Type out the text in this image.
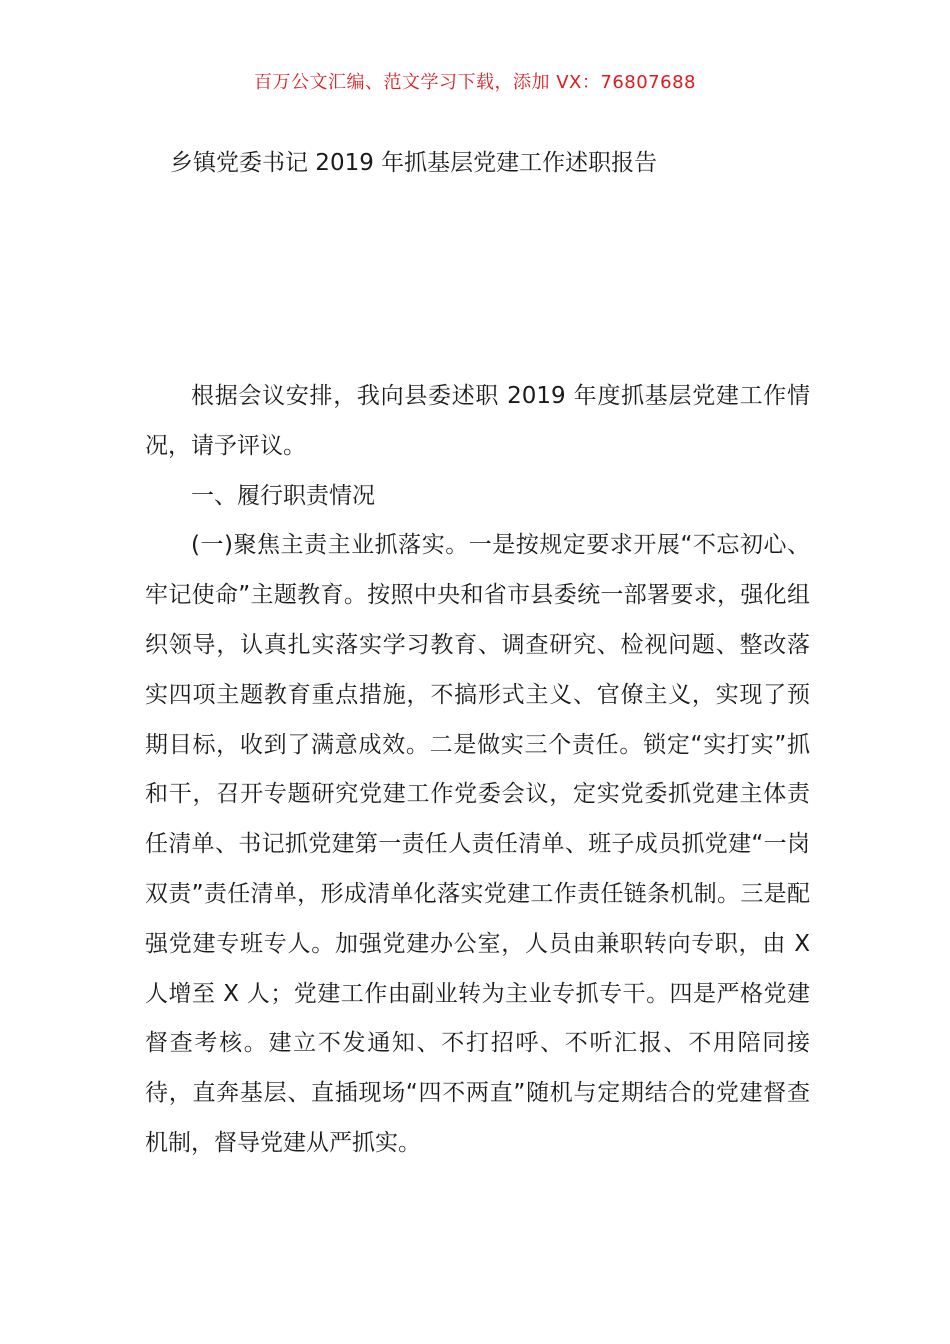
百万公文汇编、范文学习下载，添加 VX：76807688
乡镇党委书记 2019 年抓基层党建工作述职报告

根据会议安排，我向县委述职 2019 年度抓基层党建工作情况，请予评议。

一、履行职责情况

(一)聚焦主责主业抓落实。一是按规定要求开展“不忘初心、牢记使命”主题教育。按照中央和省市县委统一部署要求，强化组织领导，认真扎实落实学习教育、调查研究、检视问题、整改落实四项主题教育重点措施，不搞形式主义、官僚主义，实现了预期目标，收到了满意成效。二是做实三个责任。锁定“实打实”抓和干，召开专题研究党建工作党委会议，定实党委抓党建主体责任清单、书记抓党建第一责任人责任清单、班子成员抓党建“一岗双责”责任清单，形成清单化落实党建工作责任链条机制。三是配强党建专班专人。加强党建办公室，人员由兼职转向专职，由 X 人增至 X 人；党建工作由副业转为主业专抓专干。四是严格党建督查考核。建立不发通知、不打招呼、不听汇报、不用陪同接待，直奔基层、直插现场“四不两直”随机与定期结合的党建督查机制，督导党建从严抓实。
